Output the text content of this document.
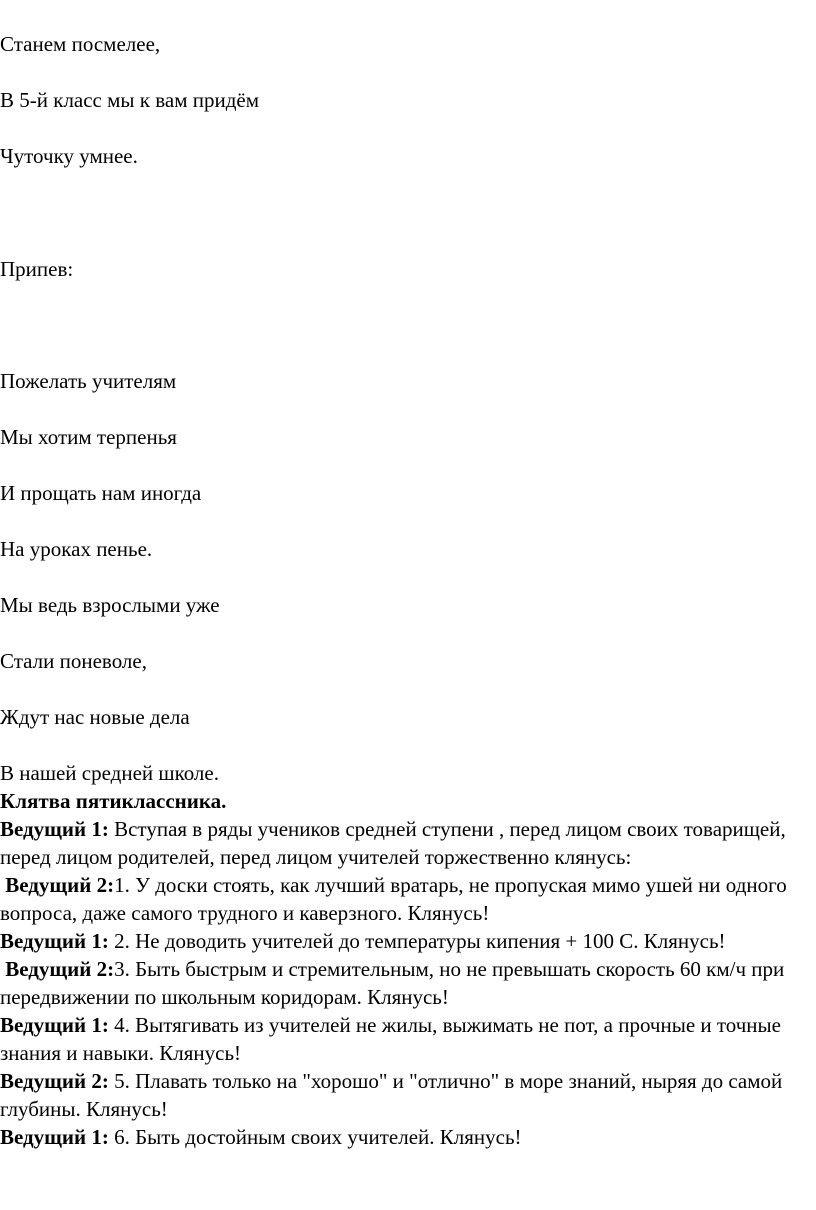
Станем посмелее,
В 5-й класс мы к вам придём
Чуточку умнее.
Припев:
Пожелать учителям
Мы хотим терпенья
И прощать нам иногда
На уроках пенье.
Мы ведь взрослыми уже
Стали поневоле,
Ждут нас новые дела
В нашей средней школе.
Клятва пятиклассника.
Ведущий 1: Вступая в ряды учеников средней ступени , перед лицом своих товарищей, перед лицом родителей, перед лицом учителей торжественно клянусь:
Ведущий 2:1. У доски стоять, как лучший вратарь, не пропуская мимо ушей ни одного вопроса, даже самого трудного и каверзного. Клянусь!
Ведущий 1: 2. Не доводить учителей до температуры кипения + 100 С. Клянусь!
Ведущий 2:3. Быть быстрым и стремительным, но не превышать скорость 60 км/ч при передвижении по школьным коридорам. Клянусь!
Ведущий 1: 4. Вытягивать из учителей не жилы, выжимать не пот, а прочные и точные знания и навыки. Клянусь!
Ведущий 2: 5. Плавать только на "хорошо" и "отлично" в море знаний, ныряя до самой глубины. Клянусь!
Ведущий 1: 6. Быть достойным своих учителей. Клянусь!
